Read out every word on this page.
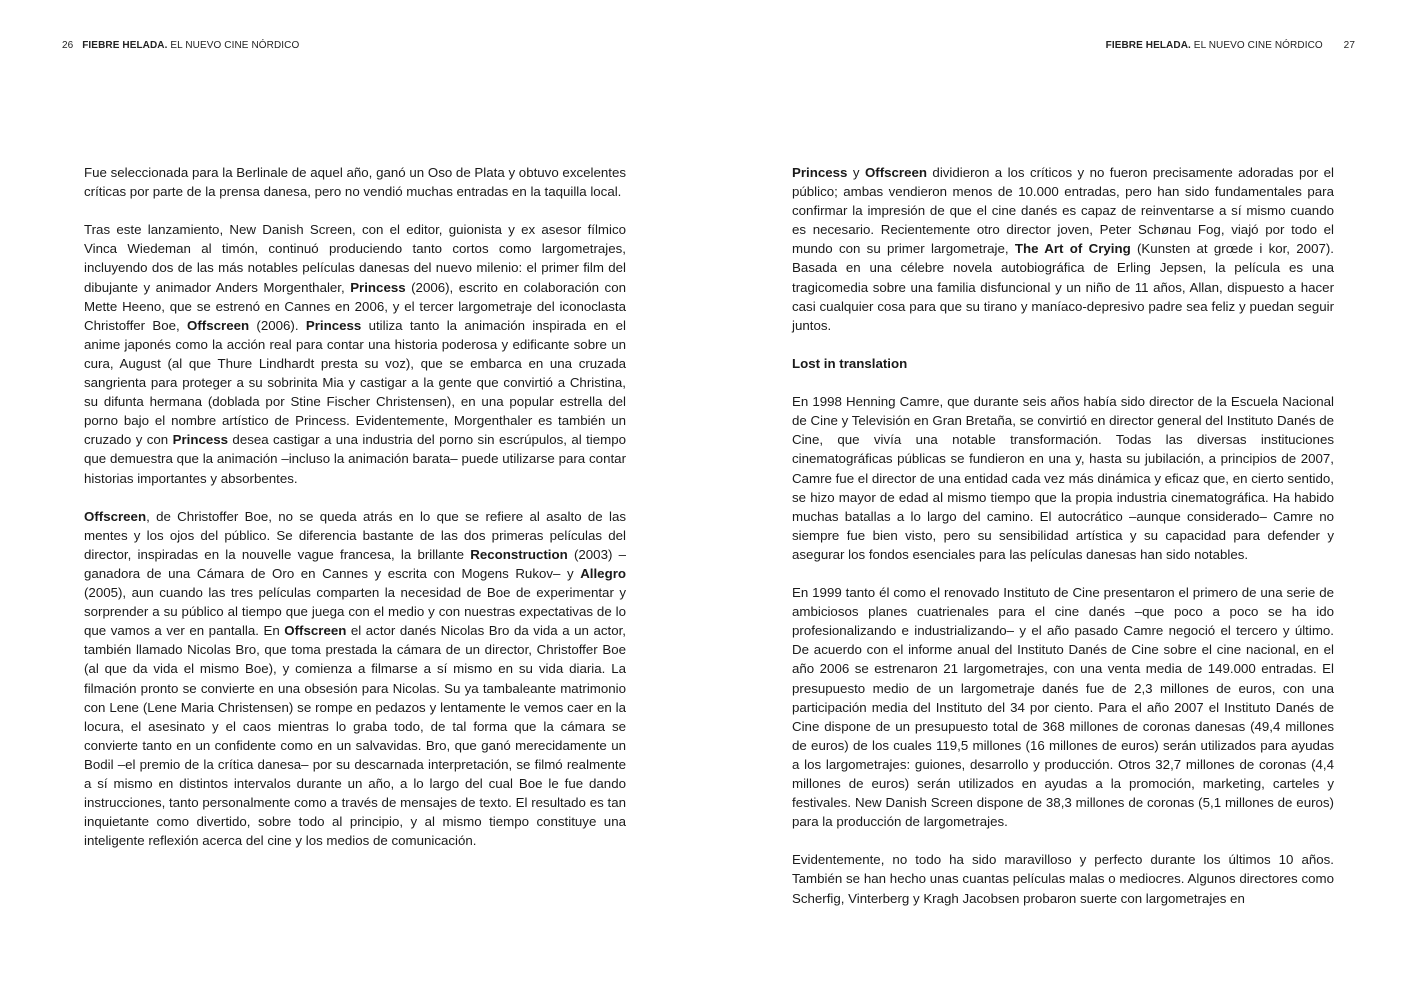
26 FIEBRE HELADA. EL NUEVO CINE NÓRDICO

Fue seleccionada para la Berlinale de aquel año, ganó un Oso de Plata y obtuvo excelentes críticas por parte de la prensa danesa, pero no vendió muchas entradas en la taquilla local.

Tras este lanzamiento, New Danish Screen, con el editor, guionista y ex asesor fílmico Vinca Wiedeman al timón, continuó produciendo tanto cortos como largometrajes, incluyendo dos de las más notables películas danesas del nuevo milenio: el primer film del dibujante y animador Anders Morgenthaler, Princess (2006), escrito en colaboración con Mette Heeno, que se estrenó en Cannes en 2006, y el tercer largometraje del iconoclasta Christoffer Boe, Offscreen (2006). Princess utiliza tanto la animación inspirada en el anime japonés como la acción real para contar una historia poderosa y edificante sobre un cura, August (al que Thure Lindhardt presta su voz), que se embarca en una cruzada sangrienta para proteger a su sobrinita Mia y castigar a la gente que convirtió a Christina, su difunta hermana (doblada por Stine Fischer Christensen), en una popular estrella del porno bajo el nombre artístico de Princess. Evidentemente, Morgenthaler es también un cruzado y con Princess desea castigar a una industria del porno sin escrúpulos, al tiempo que demuestra que la animación –incluso la animación barata– puede utilizarse para contar historias importantes y absorbentes.

Offscreen, de Christoffer Boe, no se queda atrás en lo que se refiere al asalto de las mentes y los ojos del público. Se diferencia bastante de las dos primeras películas del director, inspiradas en la nouvelle vague francesa, la brillante Reconstruction (2003) –ganadora de una Cámara de Oro en Cannes y escrita con Mogens Rukov– y Allegro (2005), aun cuando las tres películas comparten la necesidad de Boe de experimentar y sorprender a su público al tiempo que juega con el medio y con nuestras expectativas de lo que vamos a ver en pantalla. En Offscreen el actor danés Nicolas Bro da vida a un actor, también llamado Nicolas Bro, que toma prestada la cámara de un director, Christoffer Boe (al que da vida el mismo Boe), y comienza a filmarse a sí mismo en su vida diaria. La filmación pronto se convierte en una obsesión para Nicolas. Su ya tambaleante matrimonio con Lene (Lene Maria Christensen) se rompe en pedazos y lentamente le vemos caer en la locura, el asesinato y el caos mientras lo graba todo, de tal forma que la cámara se convierte tanto en un confidente como en un salvavidas. Bro, que ganó merecidamente un Bodil –el premio de la crítica danesa– por su descarnada interpretación, se filmó realmente a sí mismo en distintos intervalos durante un año, a lo largo del cual Boe le fue dando instrucciones, tanto personalmente como a través de mensajes de texto. El resultado es tan inquietante como divertido, sobre todo al principio, y al mismo tiempo constituye una inteligente reflexión acerca del cine y los medios de comunicación.

FIEBRE HELADA. EL NUEVO CINE NÓRDICO 27

Princess y Offscreen dividieron a los críticos y no fueron precisamente adoradas por el público; ambas vendieron menos de 10.000 entradas, pero han sido fundamentales para confirmar la impresión de que el cine danés es capaz de reinventarse a sí mismo cuando es necesario. Recientemente otro director joven, Peter Schønau Fog, viajó por todo el mundo con su primer largometraje, The Art of Crying (Kunsten at grœde i kor, 2007). Basada en una célebre novela autobiográfica de Erling Jepsen, la película es una tragicomedia sobre una familia disfuncional y un niño de 11 años, Allan, dispuesto a hacer casi cualquier cosa para que su tirano y maníaco-depresivo padre sea feliz y puedan seguir juntos.

Lost in translation

En 1998 Henning Camre, que durante seis años había sido director de la Escuela Nacional de Cine y Televisión en Gran Bretaña, se convirtió en director general del Instituto Danés de Cine, que vivía una notable transformación. Todas las diversas instituciones cinematográficas públicas se fundieron en una y, hasta su jubilación, a principios de 2007, Camre fue el director de una entidad cada vez más dinámica y eficaz que, en cierto sentido, se hizo mayor de edad al mismo tiempo que la propia industria cinematográfica. Ha habido muchas batallas a lo largo del camino. El autocrático –aunque considerado– Camre no siempre fue bien visto, pero su sensibilidad artística y su capacidad para defender y asegurar los fondos esenciales para las películas danesas han sido notables.

En 1999 tanto él como el renovado Instituto de Cine presentaron el primero de una serie de ambiciosos planes cuatrienales para el cine danés –que poco a poco se ha ido profesionalizando e industrializando– y el año pasado Camre negoció el tercero y último. De acuerdo con el informe anual del Instituto Danés de Cine sobre el cine nacional, en el año 2006 se estrenaron 21 largometrajes, con una venta media de 149.000 entradas. El presupuesto medio de un largometraje danés fue de 2,3 millones de euros, con una participación media del Instituto del 34 por ciento. Para el año 2007 el Instituto Danés de Cine dispone de un presupuesto total de 368 millones de coronas danesas (49,4 millones de euros) de los cuales 119,5 millones (16 millones de euros) serán utilizados para ayudas a los largometrajes: guiones, desarrollo y producción. Otros 32,7 millones de coronas (4,4 millones de euros) serán utilizados en ayudas a la promoción, marketing, carteles y festivales. New Danish Screen dispone de 38,3 millones de coronas (5,1 millones de euros) para la producción de largometrajes.

Evidentemente, no todo ha sido maravilloso y perfecto durante los últimos 10 años. También se han hecho unas cuantas películas malas o mediocres. Algunos directores como Scherfig, Vinterberg y Kragh Jacobsen probaron suerte con largometrajes en
